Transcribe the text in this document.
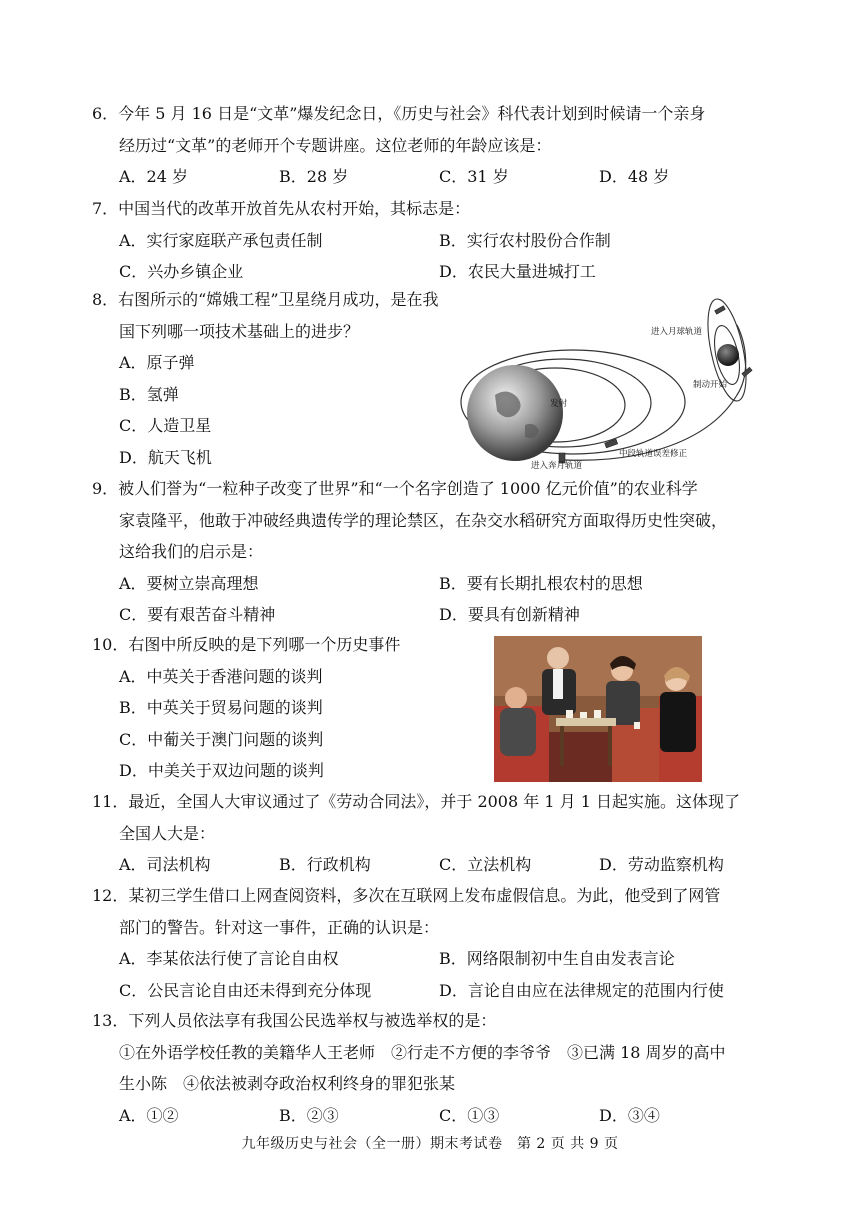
6．今年 5 月 16 日是“文革”爆发纪念日，《历史与社会》科代表计划到时候请一个亲身
经历过“文革”的老师开个专题讲座。这位老师的年龄应该是：
A．24 岁	B．28 岁	C．31 岁	D．48 岁
7．中国当代的改革开放首先从农村开始，其标志是：
A．实行家庭联产承包责任制	B．实行农村股份合作制
C．兴办乡镇企业	D．农民大量进城打工
8．右图所示的“嫦娥工程”卫星绕月成功，是在我
国下列哪一项技术基础上的进步？
A．原子弹
B．氢弹
C．人造卫星
D．航天飞机
进入月球轨道
制动开始
发射
进入奔月轨道
中段轨道误差修正
9．被人们誉为“一粒种子改变了世界”和“一个名字创造了 1000 亿元价值”的农业科学
家袁隆平，他敢于冲破经典遗传学的理论禁区，在杂交水稻研究方面取得历史性突破，
这给我们的启示是：
A．要树立崇高理想	B．要有长期扎根农村的思想
C．要有艰苦奋斗精神	D．要具有创新精神
10．右图中所反映的是下列哪一个历史事件
A．中英关于香港问题的谈判
B．中英关于贸易问题的谈判
C．中葡关于澳门问题的谈判
D．中美关于双边问题的谈判
11．最近，全国人大审议通过了《劳动合同法》，并于 2008 年 1 月 1 日起实施。这体现了
全国人大是：
A．司法机构	B．行政机构	C．立法机构	D．劳动监察机构
12．某初三学生借口上网查阅资料，多次在互联网上发布虚假信息。为此，他受到了网管
部门的警告。针对这一事件，正确的认识是：
A．李某依法行使了言论自由权	B．网络限制初中生自由发表言论
C．公民言论自由还未得到充分体现	D．言论自由应在法律规定的范围内行使
13．下列人员依法享有我国公民选举权与被选举权的是：
①在外语学校任教的美籍华人王老师　②行走不方便的李爷爷　③已满 18 周岁的高中
生小陈　④依法被剥夺政治权利终身的罪犯张某
A．①②	B．②③	C．①③	D．③④
九年级历史与社会（全一册）期末考试卷　第 2 页 共 9 页
